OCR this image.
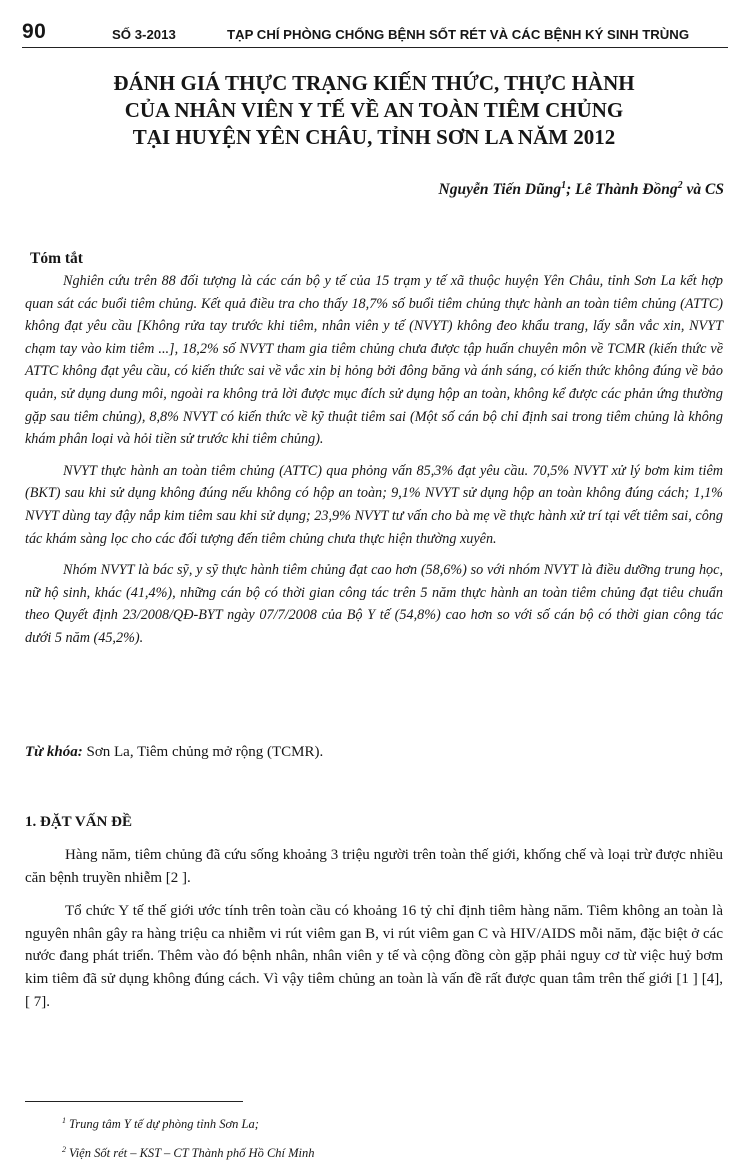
90	SỐ 3-2013	TẠP CHÍ PHÒNG CHỐNG BỆNH SỐT RÉT VÀ CÁC BỆNH KÝ SINH TRÙNG
ĐÁNH GIÁ THỰC TRẠNG KIẾN THỨC, THỰC HÀNH
CỦA NHÂN VIÊN Y TẾ VỀ AN TOÀN TIÊM CHỦNG
TẠI HUYỆN YÊN CHÂU, TỈNH SƠN LA NĂM 2012
Nguyễn Tiến Dũng$^1$; Lê Thành Đồng$^2$ và CS
Tóm tắt

Nghiên cứu trên 88 đối tượng là các cán bộ y tế của 15 trạm y tế xã thuộc huyện Yên Châu, tỉnh Sơn La kết hợp quan sát các buổi tiêm chủng. Kết quả điều tra cho thấy 18,7% số buổi tiêm chủng thực hành an toàn tiêm chủng (ATTC) không đạt yêu cầu [Không rửa tay trước khi tiêm, nhân viên y tế (NVYT) không đeo khẩu trang, lấy sẵn vắc xin, NVYT chạm tay vào kim tiêm ...], 18,2% số NVYT tham gia tiêm chủng chưa được tập huấn chuyên môn về TCMR (kiến thức về ATTC không đạt yêu cầu, có kiến thức sai về vắc xin bị hỏng bởi đông băng và ánh sáng, có kiến thức không đúng về bảo quản, sử dụng dung môi, ngoài ra không trả lời được mục đích sử dụng hộp an toàn, không kể được các phản ứng thường gặp sau tiêm chủng), 8,8% NVYT có kiến thức về kỹ thuật tiêm sai (Một số cán bộ chỉ định sai trong tiêm chủng là không khám phân loại và hỏi tiền sử trước khi tiêm chủng).

NVYT thực hành an toàn tiêm chủng (ATTC) qua phỏng vấn 85,3% đạt yêu cầu. 70,5% NVYT xử lý bơm kim tiêm (BKT) sau khi sử dụng không đúng nếu không có hộp an toàn; 9,1% NVYT sử dụng hộp an toàn không đúng cách; 1,1% NVYT dùng tay đậy nắp kim tiêm sau khi sử dụng; 23,9% NVYT tư vấn cho bà mẹ về thực hành xử trí tại vết tiêm sai, công tác khám sàng lọc cho các đối tượng đến tiêm chủng chưa thực hiện thường xuyên.

Nhóm NVYT là bác sỹ, y sỹ thực hành tiêm chủng đạt cao hơn (58,6%) so với nhóm NVYT là điều dưỡng trung học, nữ hộ sinh, khác (41,4%), những cán bộ có thời gian công tác trên 5 năm thực hành an toàn tiêm chủng đạt tiêu chuẩn theo Quyết định 23/2008/QĐ-BYT ngày 07/7/2008 của Bộ Y tế (54,8%) cao hơn so với số cán bộ có thời gian công tác dưới 5 năm (45,2%).

Từ khóa: Sơn La, Tiêm chủng mở rộng (TCMR).
1. ĐẶT VẤN ĐỀ

Hàng năm, tiêm chủng đã cứu sống khoảng 3 triệu người trên toàn thế giới, khống chế và loại trừ được nhiều căn bệnh truyền nhiễm [2 ].

Tổ chức Y tế thế giới ước tính trên toàn cầu có khoảng 16 tỷ chỉ định tiêm hàng năm. Tiêm không an toàn là nguyên nhân gây ra hàng triệu ca nhiễm vi rút viêm gan B, vi rút viêm gan C và HIV/AIDS mỗi năm, đặc biệt ở các nước đang phát triển. Thêm vào đó bệnh nhân, nhân viên y tế và cộng đồng còn gặp phải nguy cơ từ việc huỷ bơm kim tiêm đã sử dụng không đúng cách. Vì vậy tiêm chủng an toàn là vấn đề rất được quan tâm trên thế giới [1 ] [4], [ 7].

$^1$ Trung tâm Y tế dự phòng tỉnh Sơn La;
$^2$ Viện Sốt rét – KST – CT Thành phố Hồ Chí Minh
